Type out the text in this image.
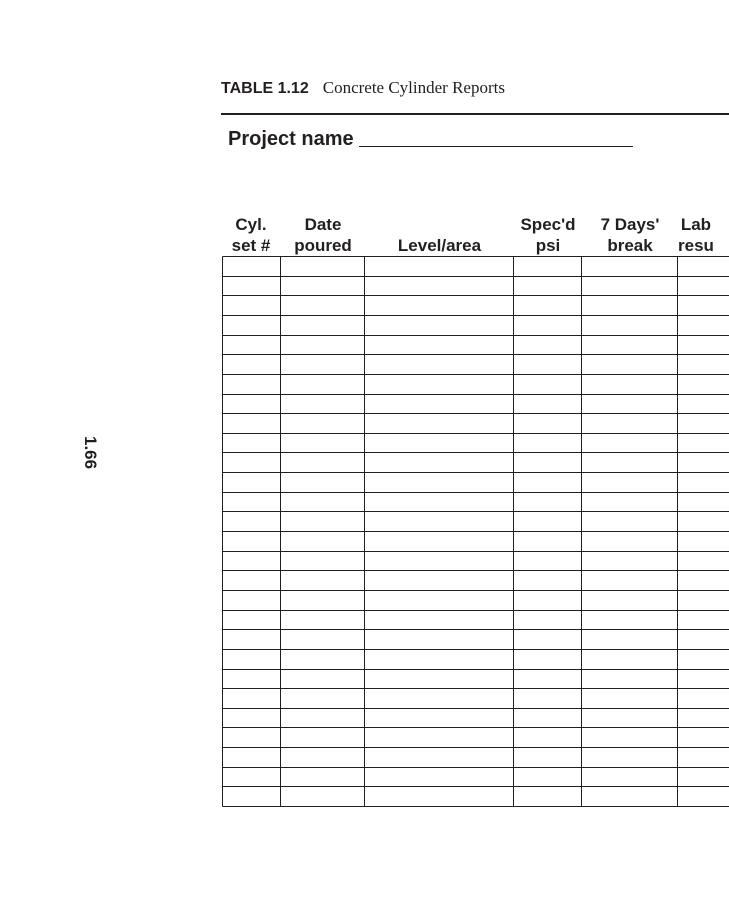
1.66
TABLE 1.12 Concrete Cylinder Reports
Project name
Cyl.
set #
Date
poured	Level/area
Spec'd
psi
7 Days'
break
Lab
resu
